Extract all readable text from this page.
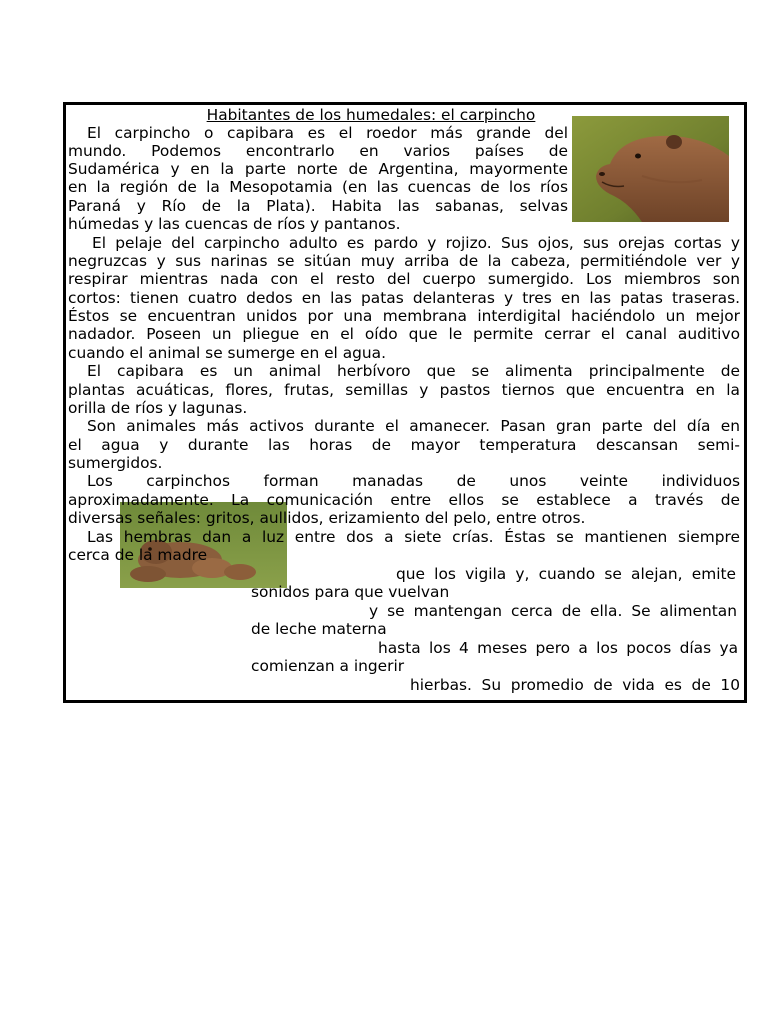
Habitantes de los humedales: el carpincho
El carpincho o capibara es el roedor más grande del
mundo. Podemos encontrarlo en varios países de
Sudamérica y en la parte norte de Argentina, mayormente
en la región de la Mesopotamia (en las cuencas de los ríos
Paraná y Río de la Plata). Habita las sabanas, selvas
húmedas y las cuencas de ríos y pantanos.
El pelaje del carpincho adulto es pardo y rojizo. Sus ojos, sus orejas cortas y
negruzcas y sus narinas se sitúan muy arriba de la cabeza, permitiéndole ver y
respirar mientras nada con el resto del cuerpo sumergido. Los miembros son
cortos: tienen cuatro dedos en las patas delanteras y tres en las patas traseras.
Éstos se encuentran unidos por una membrana interdigital haciéndolo un mejor
nadador. Poseen un pliegue en el oído que le permite cerrar el canal auditivo
cuando el animal se sumerge en el agua.
El capibara es un animal herbívoro que se alimenta principalmente de
plantas acuáticas, flores, frutas, semillas y pastos tiernos que encuentra en la
orilla de ríos y lagunas.
Son animales más activos durante el amanecer. Pasan gran parte del día en
el agua y durante las horas de mayor temperatura descansan semi-
sumergidos.
Los carpinchos forman manadas de unos veinte individuos
aproximadamente. La comunicación entre ellos se establece a través de
diversas señales: gritos, aullidos, erizamiento del pelo, entre otros.
Las hembras dan a luz entre dos a siete crías. Éstas se mantienen siempre
cerca de la madre
que los vigila y, cuando se alejan, emite
sonidos para que vuelvan
y se mantengan cerca de ella. Se alimentan
de leche materna
hasta los 4 meses pero a los pocos días ya
comienzan a ingerir
hierbas. Su promedio de vida es de 10
